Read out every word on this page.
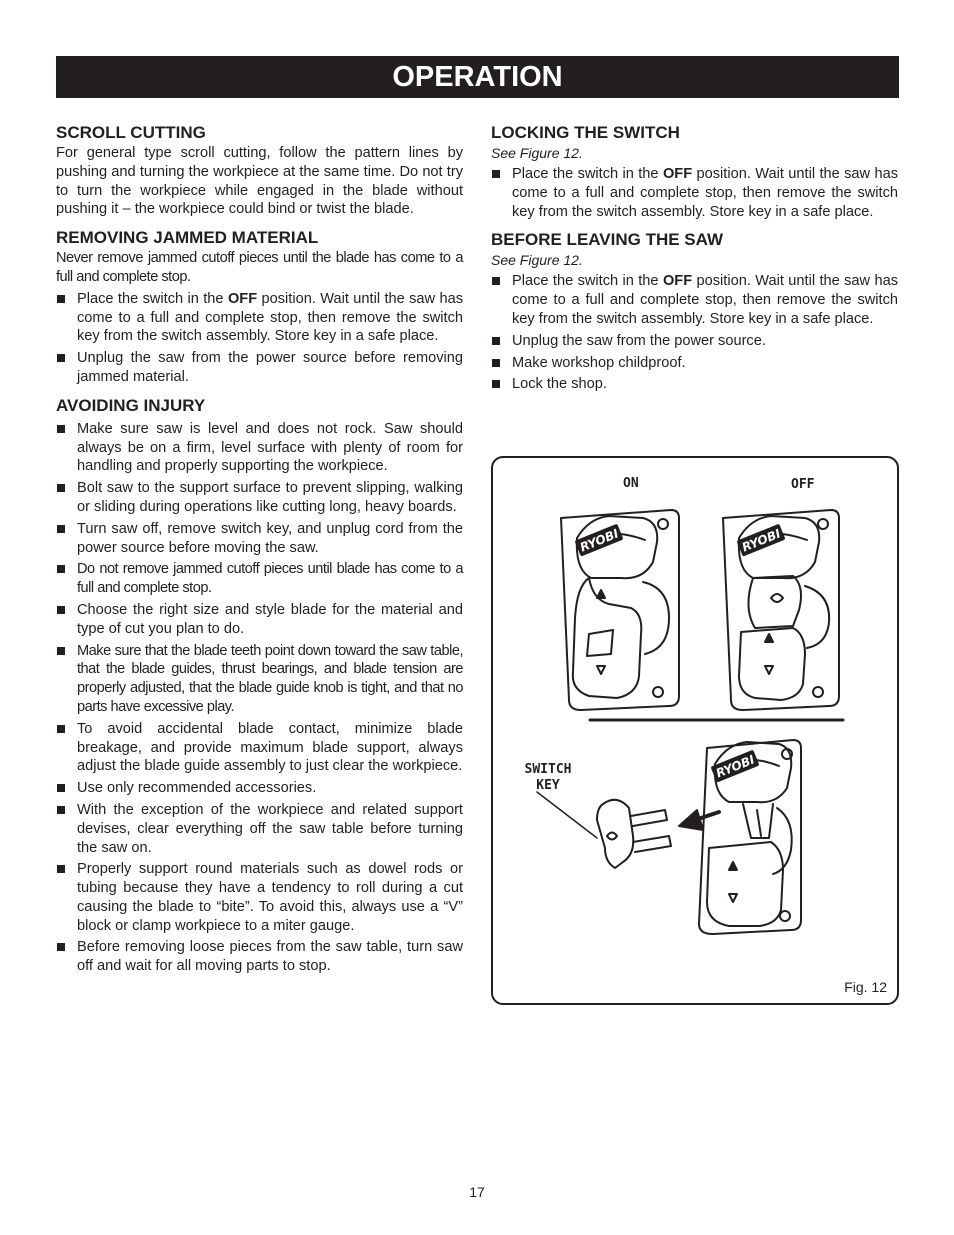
OPERATION
SCROLL CUTTING

For general type scroll cutting, follow the pattern lines by pushing and turning the workpiece at the same time. Do not try to turn the workpiece while engaged in the blade without pushing it – the workpiece could bind or twist the blade.

REMOVING JAMMED MATERIAL

Never remove jammed cutoff pieces until the blade has come to a full and complete stop.

Place the switch in the OFF position. Wait until the saw has come to a full and complete stop, then remove the switch key from the switch assembly. Store key in a safe place.
Unplug the saw from the power source before removing jammed material.
AVOIDING INJURY
Make sure saw is level and does not rock. Saw should always be on a firm, level surface with plenty of room for handling and properly supporting the workpiece.
Bolt saw to the support surface to prevent slipping, walking or sliding during operations like cutting long, heavy boards.
Turn saw off, remove switch key, and unplug cord from the power source before moving the saw.
Do not remove jammed cutoff pieces until blade has come to a full and complete stop.
Choose the right size and style blade for the material and type of cut you plan to do.
Make sure that the blade teeth point down toward the saw table, that the blade guides, thrust bearings, and blade tension are properly adjusted, that the blade guide knob is tight, and that no parts have excessive play.
To avoid accidental blade contact, minimize blade breakage, and provide maximum blade support, always adjust the blade guide assembly to just clear the workpiece.
Use only recommended accessories.
With the exception of the workpiece and related support devises, clear everything off the saw table before turning the saw on.
Properly support round materials such as dowel rods or tubing because they have a tendency to roll during a cut causing the blade to “bite”. To avoid this, always use a “V” block or clamp workpiece to a miter gauge.
Before removing loose pieces from the saw table, turn saw off and wait for all moving parts to stop.
LOCKING THE SWITCH

See Figure 12.

Place the switch in the OFF position. Wait until the saw has come to a full and complete stop, then remove the switch key from the switch assembly. Store key in a safe place.
BEFORE LEAVING THE SAW

See Figure 12.

Place the switch in the OFF position. Wait until the saw has come to a full and complete stop, then remove the switch key from the switch assembly. Store key in a safe place.
Unplug the saw from the power source.
Make workshop childproof.
Lock the shop.
RYOBI	RYOBI
RYOBI
ON	OFF
SWITCH
KEY
Fig. 12
17
